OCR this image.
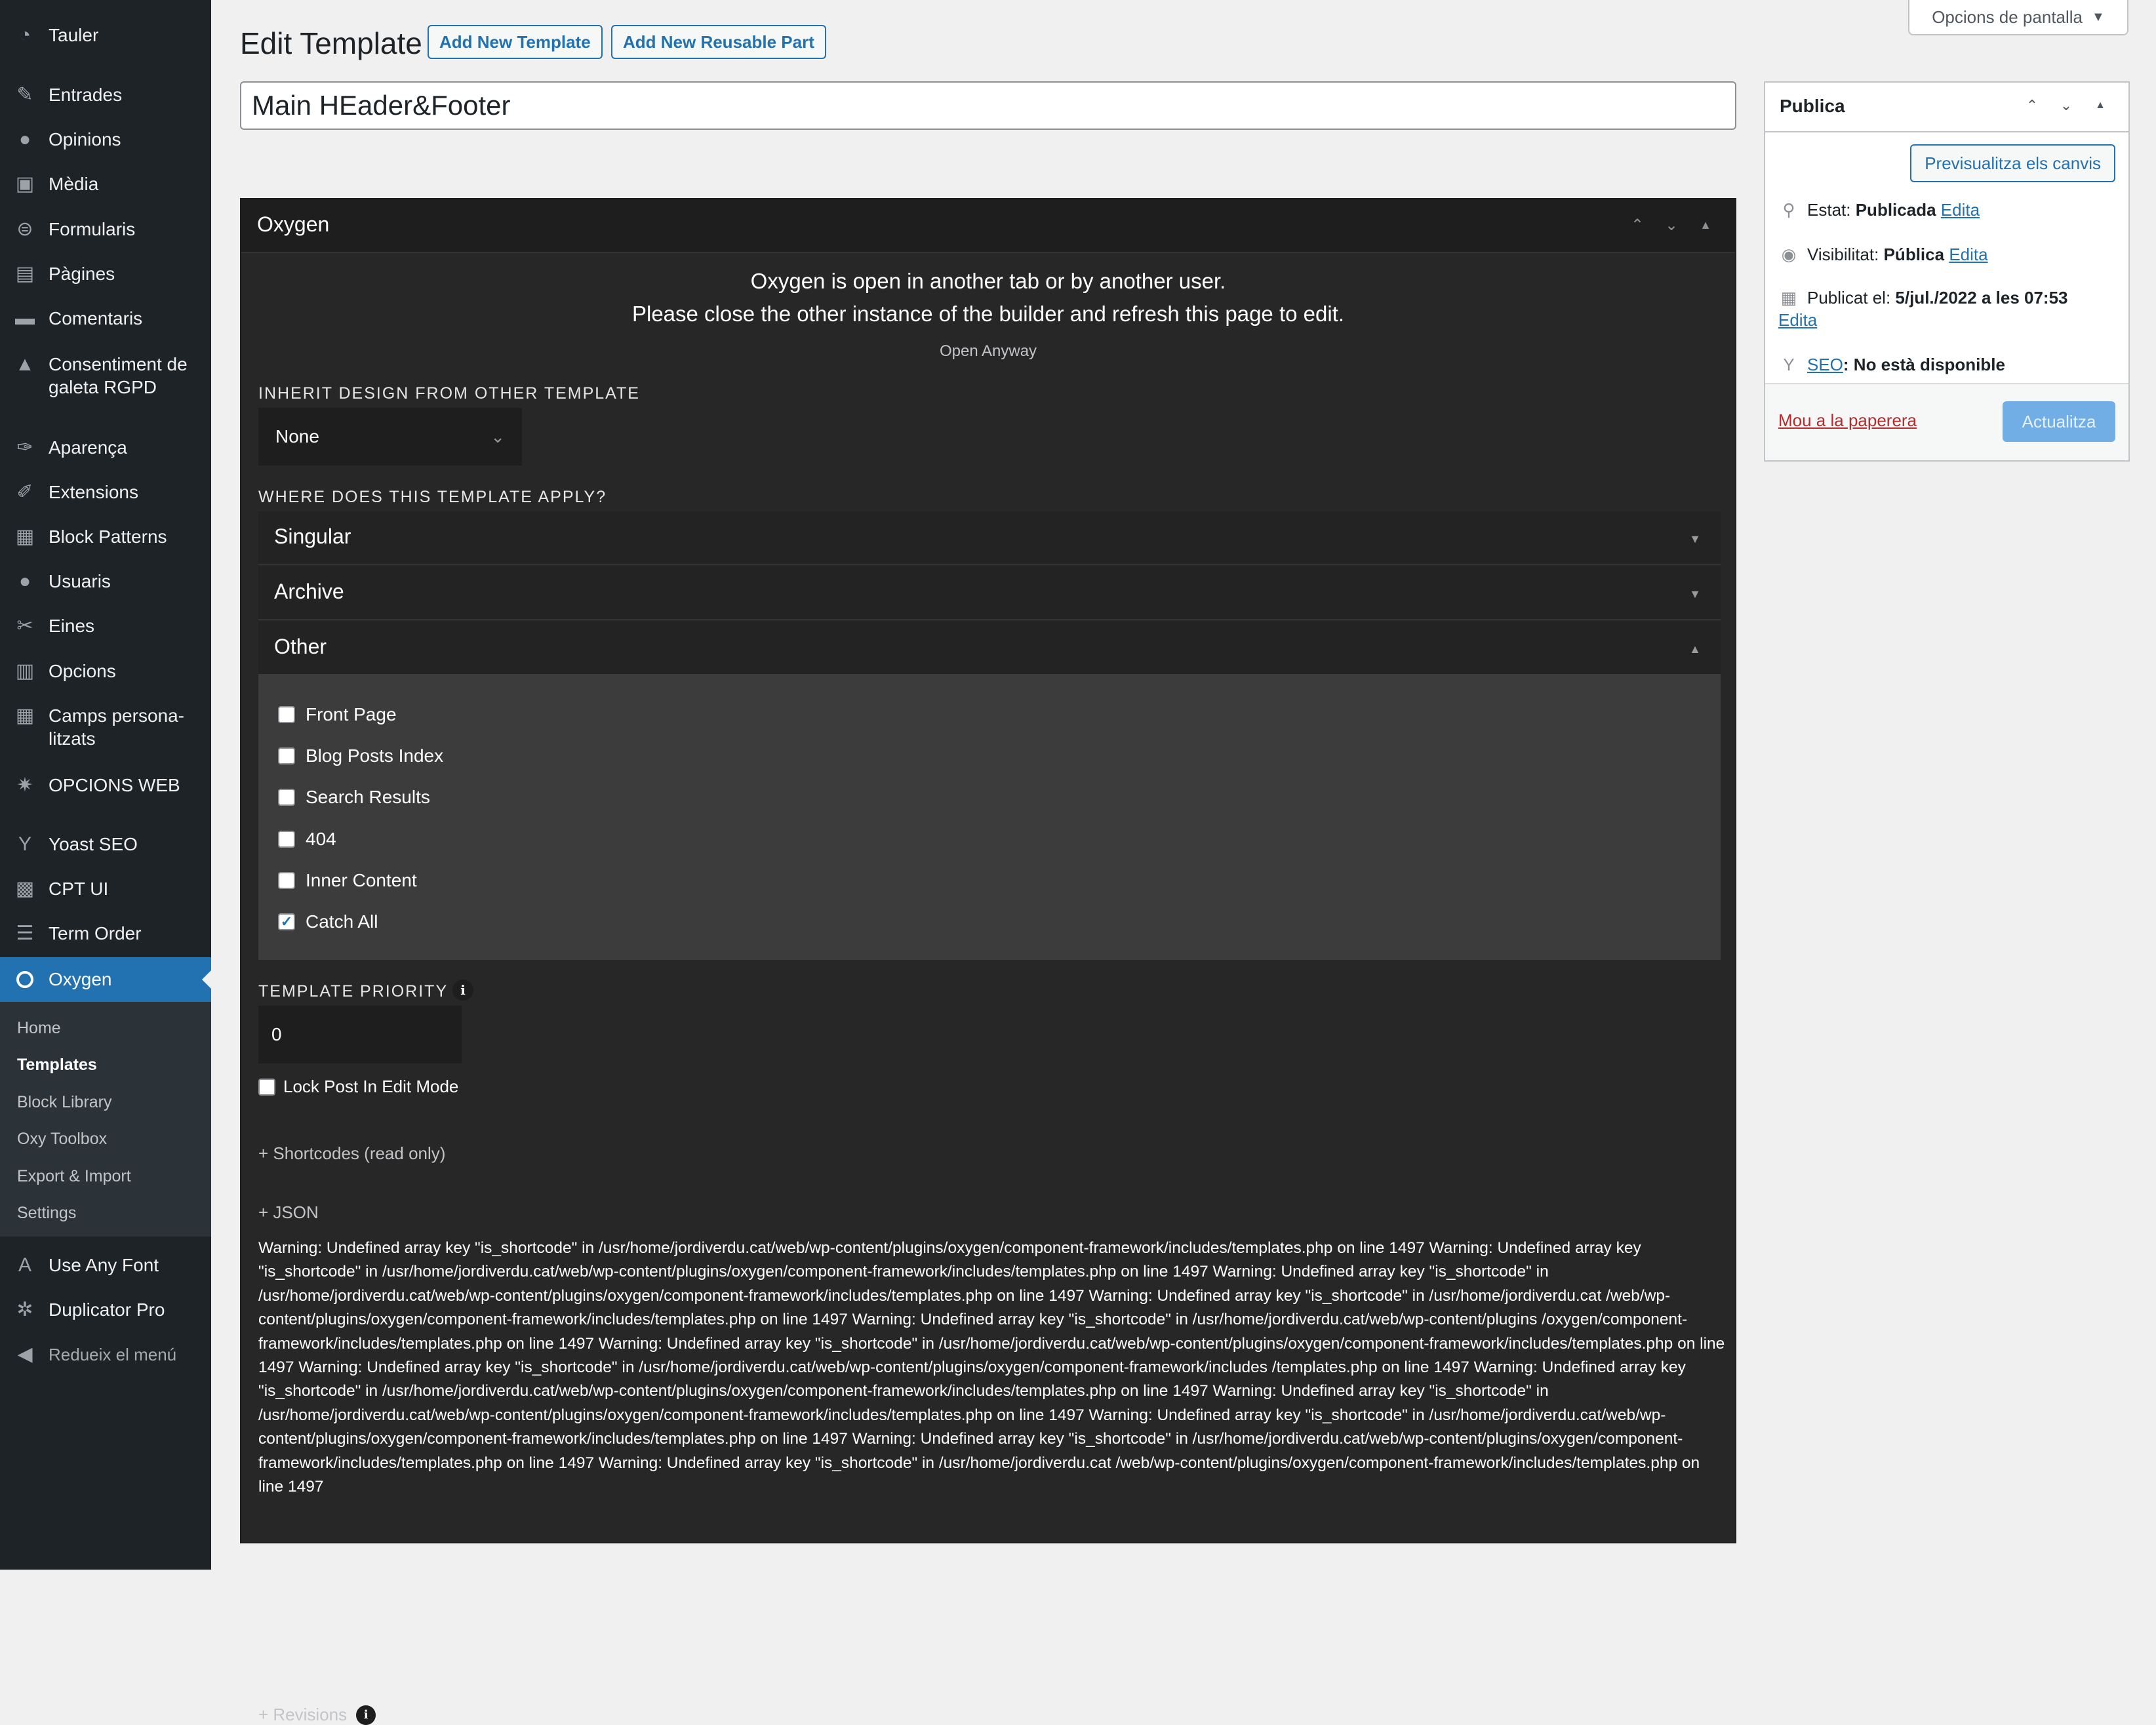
◔ Tauler
✎ Entrades
● Opinions
▣ Mèdia
⊜ Formularis
▤ Pàgines
▬ Comentaris
▲ Consentiment de galeta RGPD
✑ Aparença
✐ Extensions
▦ Block Patterns
● Usuaris
✂ Eines
▥ Opcions
▦ Camps persona-litzats
✷ OPCIONS WEB
Y Yoast SEO
▩ CPT UI
☰ Term Order
Oxygen
Home
Templates
Block Library
Oxy Toolbox
Export & Import
Settings
A Use Any Font
✲ Duplicator Pro
◀ Redueix el menú
Opcions de pantalla ▼
Edit Template	Add New Template	Add New Reusable Part
Main HEader&Footer
Oxygen	⌃ ⌄	▲
Oxygen is open in another tab or by another user.
Please close the other instance of the builder and refresh this page to edit.
Open Anyway
INHERIT DESIGN FROM OTHER TEMPLATE
None	⌄
WHERE DOES THIS TEMPLATE APPLY?
Singular	▼
Archive	▼
Other	▲
Front Page
Blog Posts Index
Search Results
404
Inner Content
✓ Catch All
TEMPLATE PRIORITY i
0
Lock Post In Edit Mode
+ Shortcodes (read only)
+ JSON
Warning: Undefined array key "is_shortcode" in /usr/home/jordiverdu.cat/web/wp-content/plugins/oxygen/component-framework/includes/templates.php on line 1497 Warning: Undefined array key "is_shortcode" in /usr/home/jordiverdu.cat/web/wp-content/plugins/oxygen/component-framework/includes/templates.php on line 1497 Warning: Undefined array key "is_shortcode" in /usr/home/jordiverdu.cat/web/wp-content/plugins/oxygen/component-framework/includes/templates.php on line 1497 Warning: Undefined array key "is_shortcode" in /usr/home/jordiverdu.cat /web/wp-content/plugins/oxygen/component-framework/includes/templates.php on line 1497 Warning: Undefined array key "is_shortcode" in /usr/home/jordiverdu.cat/web/wp-content/plugins /oxygen/component-framework/includes/templates.php on line 1497 Warning: Undefined array key "is_shortcode" in /usr/home/jordiverdu.cat/web/wp-content/plugins/oxygen/component-framework/includes/templates.php on line 1497 Warning: Undefined array key "is_shortcode" in /usr/home/jordiverdu.cat/web/wp-content/plugins/oxygen/component-framework/includes /templates.php on line 1497 Warning: Undefined array key "is_shortcode" in /usr/home/jordiverdu.cat/web/wp-content/plugins/oxygen/component-framework/includes/templates.php on line 1497 Warning: Undefined array key "is_shortcode" in /usr/home/jordiverdu.cat/web/wp-content/plugins/oxygen/component-framework/includes/templates.php on line 1497 Warning: Undefined array key "is_shortcode" in /usr/home/jordiverdu.cat/web/wp-content/plugins/oxygen/component-framework/includes/templates.php on line 1497 Warning: Undefined array key "is_shortcode" in /usr/home/jordiverdu.cat/web/wp-content/plugins/oxygen/component-framework/includes/templates.php on line 1497 Warning: Undefined array key "is_shortcode" in /usr/home/jordiverdu.cat /web/wp-content/plugins/oxygen/component-framework/includes/templates.php on line 1497
+ Revisions	i
Publica	⌃	⌄	▲
Previsualitza els canvis
⚲ Estat: Publicada Edita
◉ Visibilitat: Pública Edita
▦ Publicat el: 5/jul./2022 a les 07:53
Edita
Y SEO: No està disponible
Mou a la paperera	Actualitza
